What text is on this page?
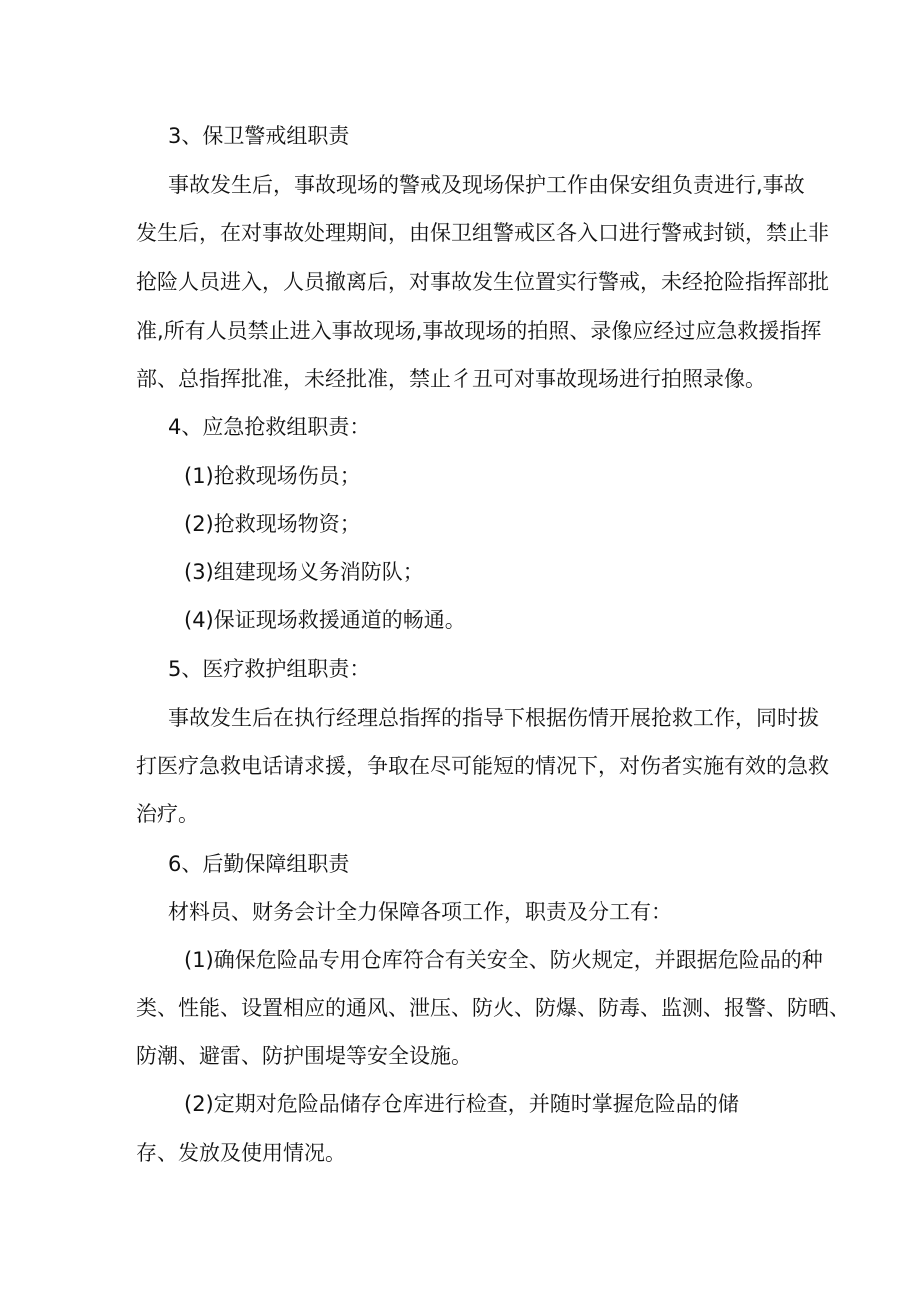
3、保卫警戒组职责
事故发生后，事故现场的警戒及现场保护工作由保安组负责进行,事故
发生后，在对事故处理期间，由保卫组警戒区各入口进行警戒封锁，禁止非
抢险人员进入，人员撤离后，对事故发生位置实行警戒，未经抢险指挥部批
准,所有人员禁止进入事故现场,事故现场的拍照、录像应经过应急救援指挥
部、总指挥批准，未经批准，禁止彳丑可对事故现场进行拍照录像。
4、应急抢救组职责：
(1)抢救现场伤员；
(2)抢救现场物资；
(3)组建现场义务消防队；
(4)保证现场救援通道的畅通。
5、医疗救护组职责：
事故发生后在执行经理总指挥的指导下根据伤情开展抢救工作，同时拔
打医疗急救电话请求援，争取在尽可能短的情况下，对伤者实施有效的急救
治疗。
6、后勤保障组职责
材料员、财务会计全力保障各项工作，职责及分工有：
(1)确保危险品专用仓库符合有关安全、防火规定，并跟据危险品的种
类、性能、设置相应的通风、泄压、防火、防爆、防毒、监测、报警、防晒、
防潮、避雷、防护围堤等安全设施。
(2)定期对危险品储存仓库进行检查，并随时掌握危险品的储
存、发放及使用情况。
